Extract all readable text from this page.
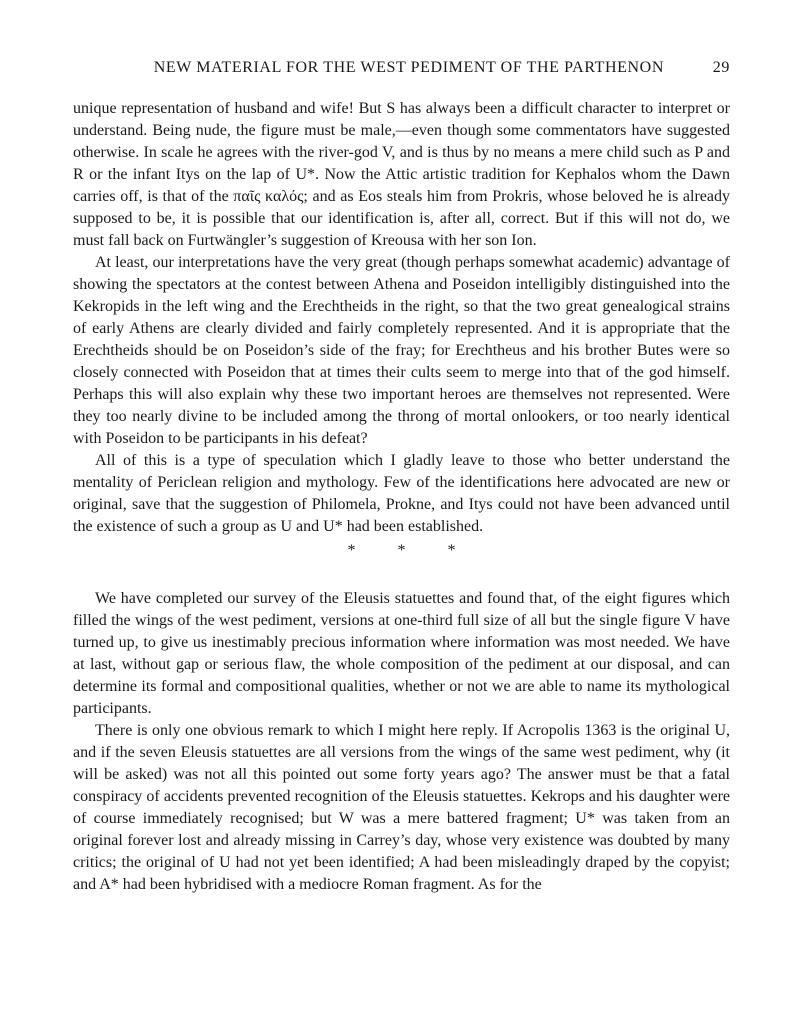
NEW MATERIAL FOR THE WEST PEDIMENT OF THE PARTHENON	29

unique representation of husband and wife! But S has always been a difficult character to interpret or understand. Being nude, the figure must be male,—even though some commentators have suggested otherwise. In scale he agrees with the river-god V, and is thus by no means a mere child such as P and R or the infant Itys on the lap of U*. Now the Attic artistic tradition for Kephalos whom the Dawn carries off, is that of the παῖς καλός; and as Eos steals him from Prokris, whose beloved he is already supposed to be, it is possible that our identification is, after all, correct. But if this will not do, we must fall back on Furtwängler’s suggestion of Kreousa with her son Ion.

At least, our interpretations have the very great (though perhaps somewhat academic) advantage of showing the spectators at the contest between Athena and Poseidon intelligibly distinguished into the Kekropids in the left wing and the Erechtheids in the right, so that the two great genealogical strains of early Athens are clearly divided and fairly completely represented. And it is appropriate that the Erechtheids should be on Poseidon’s side of the fray; for Erechtheus and his brother Butes were so closely connected with Poseidon that at times their cults seem to merge into that of the god himself. Perhaps this will also explain why these two important heroes are themselves not represented. Were they too nearly divine to be included among the throng of mortal onlookers, or too nearly identical with Poseidon to be participants in his defeat?

All of this is a type of speculation which I gladly leave to those who better understand the mentality of Periclean religion and mythology. Few of the identifications here advocated are new or original, save that the suggestion of Philomela, Prokne, and Itys could not have been advanced until the existence of such a group as U and U* had been established.

*	*	*

We have completed our survey of the Eleusis statuettes and found that, of the eight figures which filled the wings of the west pediment, versions at one-third full size of all but the single figure V have turned up, to give us inestimably precious information where information was most needed. We have at last, without gap or serious flaw, the whole composition of the pediment at our disposal, and can determine its formal and compositional qualities, whether or not we are able to name its mythological participants.

There is only one obvious remark to which I might here reply. If Acropolis 1363 is the original U, and if the seven Eleusis statuettes are all versions from the wings of the same west pediment, why (it will be asked) was not all this pointed out some forty years ago? The answer must be that a fatal conspiracy of accidents prevented recognition of the Eleusis statuettes. Kekrops and his daughter were of course immediately recognised; but W was a mere battered fragment; U* was taken from an original forever lost and already missing in Carrey’s day, whose very existence was doubted by many critics; the original of U had not yet been identified; A had been misleadingly draped by the copyist; and A* had been hybridised with a mediocre Roman fragment. As for the
